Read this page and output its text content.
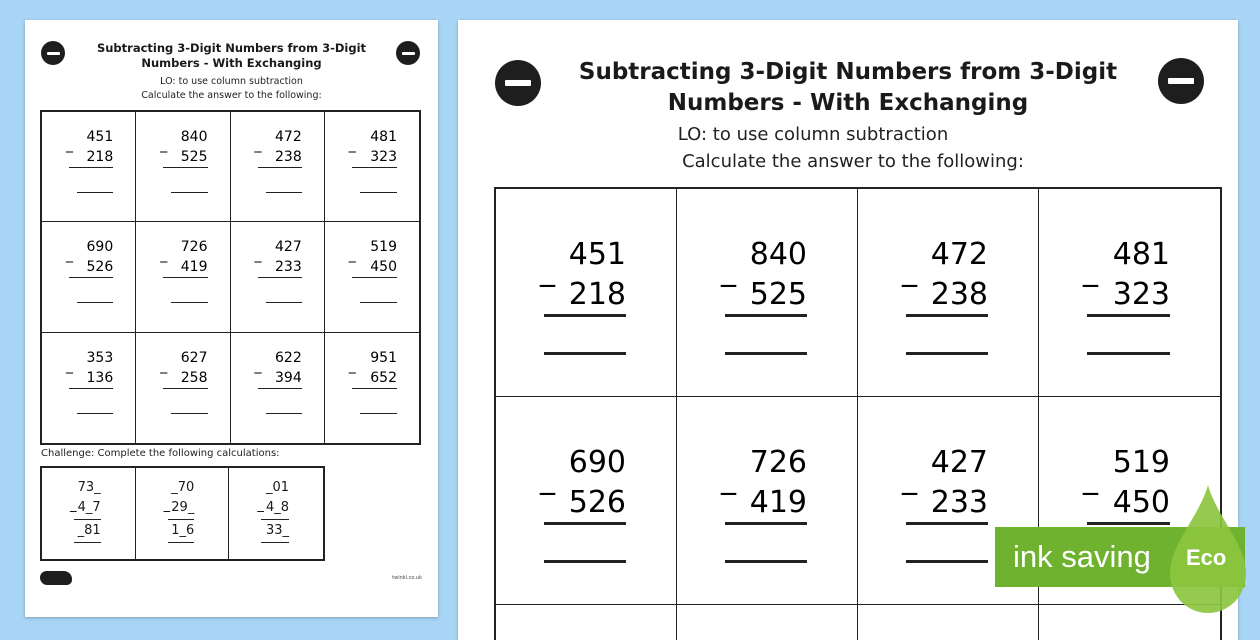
Subtracting 3-Digit Numbers from 3-Digit
Numbers - With Exchanging
LO: to use column subtraction
Calculate the answer to the following:
451
_
218
840
_
525
472
_
238
481
_
323
690
_
526
726
_
419
427
_
233
519
_
450
353
_
136
627
_
258
622
_
394
951
_
652
Challenge: Complete the following calculations:
73_
_ 4_7
_81
_70
_ 29_
1_6
_01
_ 4_8
33_
twinkl.co.uk
Subtracting 3-Digit Numbers from 3-Digit
Numbers - With Exchanging
LO: to use column subtraction
Calculate the answer to the following:
451
_
218
840
_
525
472
_
238
481
_
323
690
_
526
726
_
419
427
_
233
519
_
450
ink saving Eco
